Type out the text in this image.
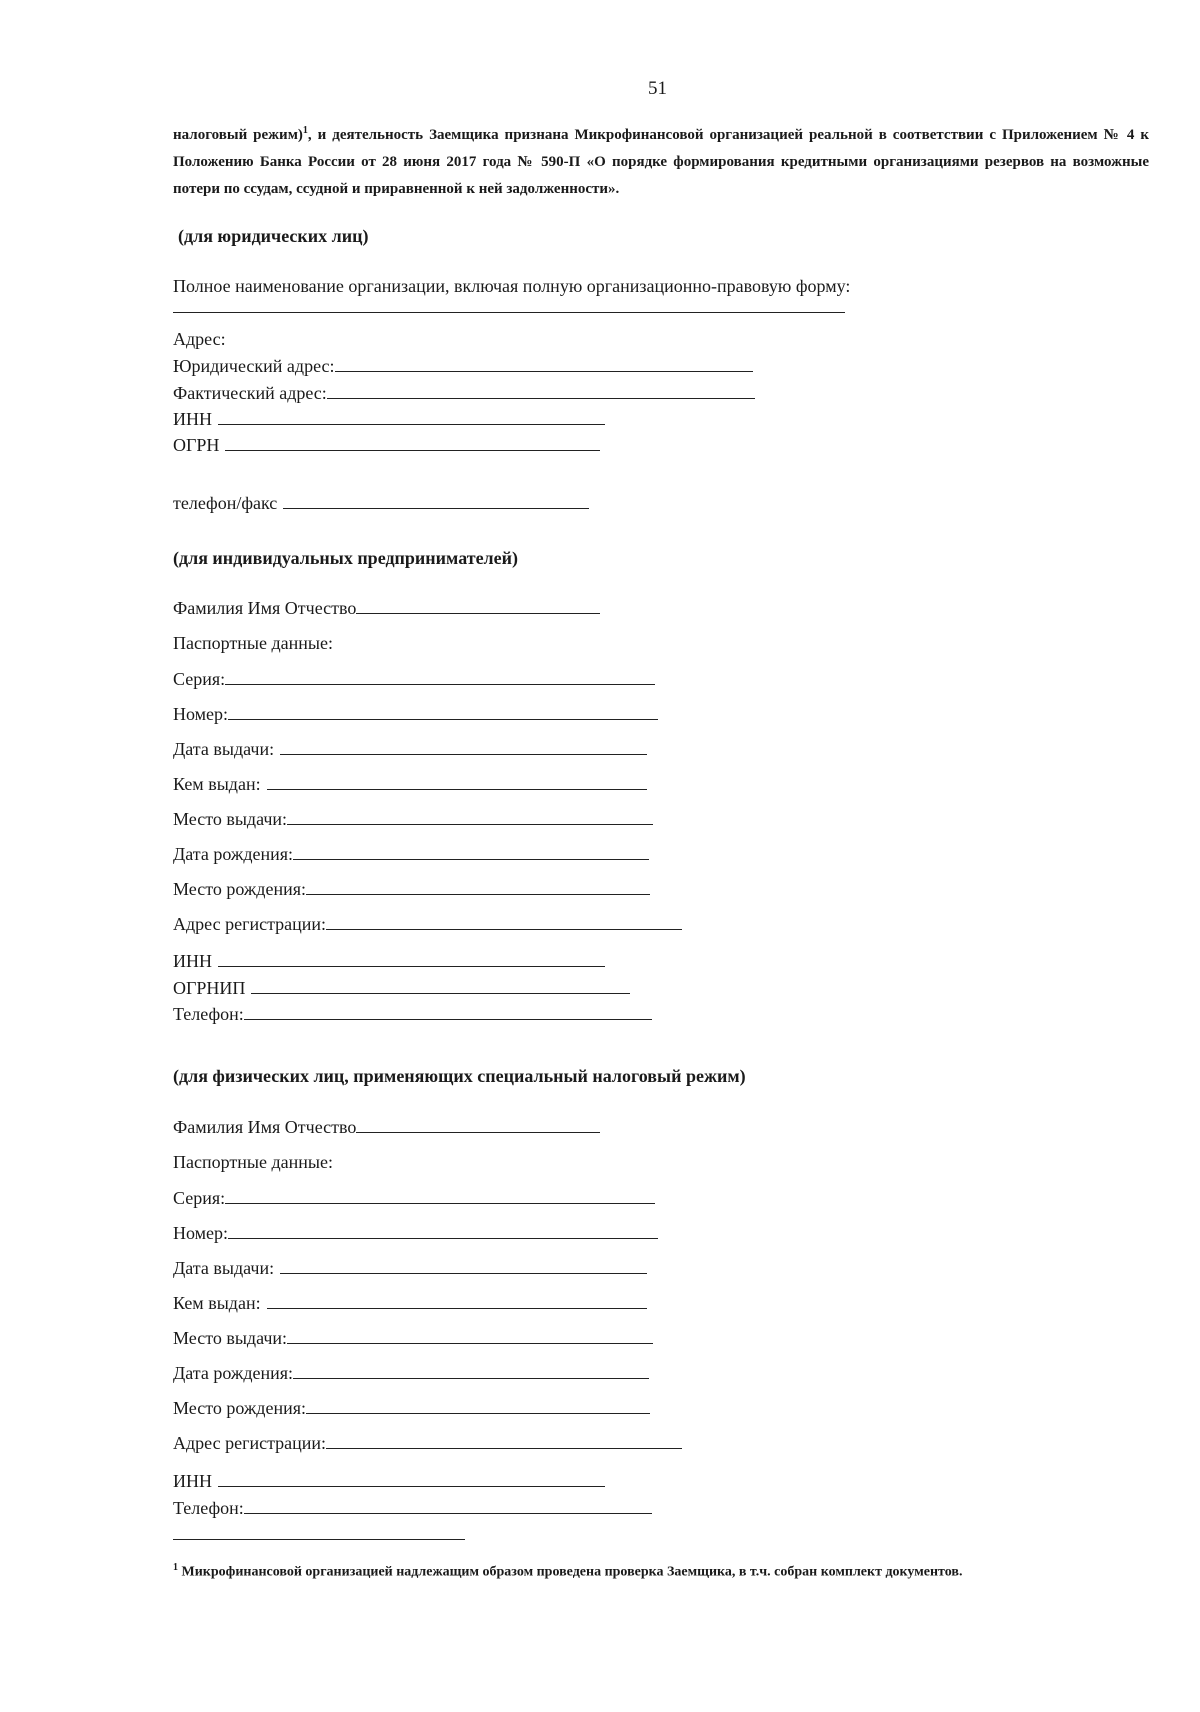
51

налоговый режим)$^1$, и деятельность Заемщика признана Микрофинансовой организацией реальной в соответствии с Приложением № 4 к Положению Банка России от 28 июня 2017 года № 590-П «О порядке формирования кредитными организациями резервов на возможные потери по ссудам, ссудной и приравненной к ней задолженности».

(для юридических лиц)
Полное наименование организации, включая полную организационно-правовую форму:
Адрес:
Юридический адрес:
Фактический адрес:
ИНН
ОГРН
телефон/факс
(для индивидуальных предпринимателей)
Фамилия Имя Отчество
Паспортные данные:
Серия:
Номер:
Дата выдачи:
Кем выдан:
Место выдачи:
Дата рождения:
Место рождения:
Адрес регистрации:
ИНН
ОГРНИП
Телефон:
(для физических лиц, применяющих специальный налоговый режим)
Фамилия Имя Отчество
Паспортные данные:
Серия:
Номер:
Дата выдачи:
Кем выдан:
Место выдачи:
Дата рождения:
Место рождения:
Адрес регистрации:
ИНН
Телефон:
$^1$ Микрофинансовой организацией надлежащим образом проведена проверка Заемщика, в т.ч. собран комплект документов.
